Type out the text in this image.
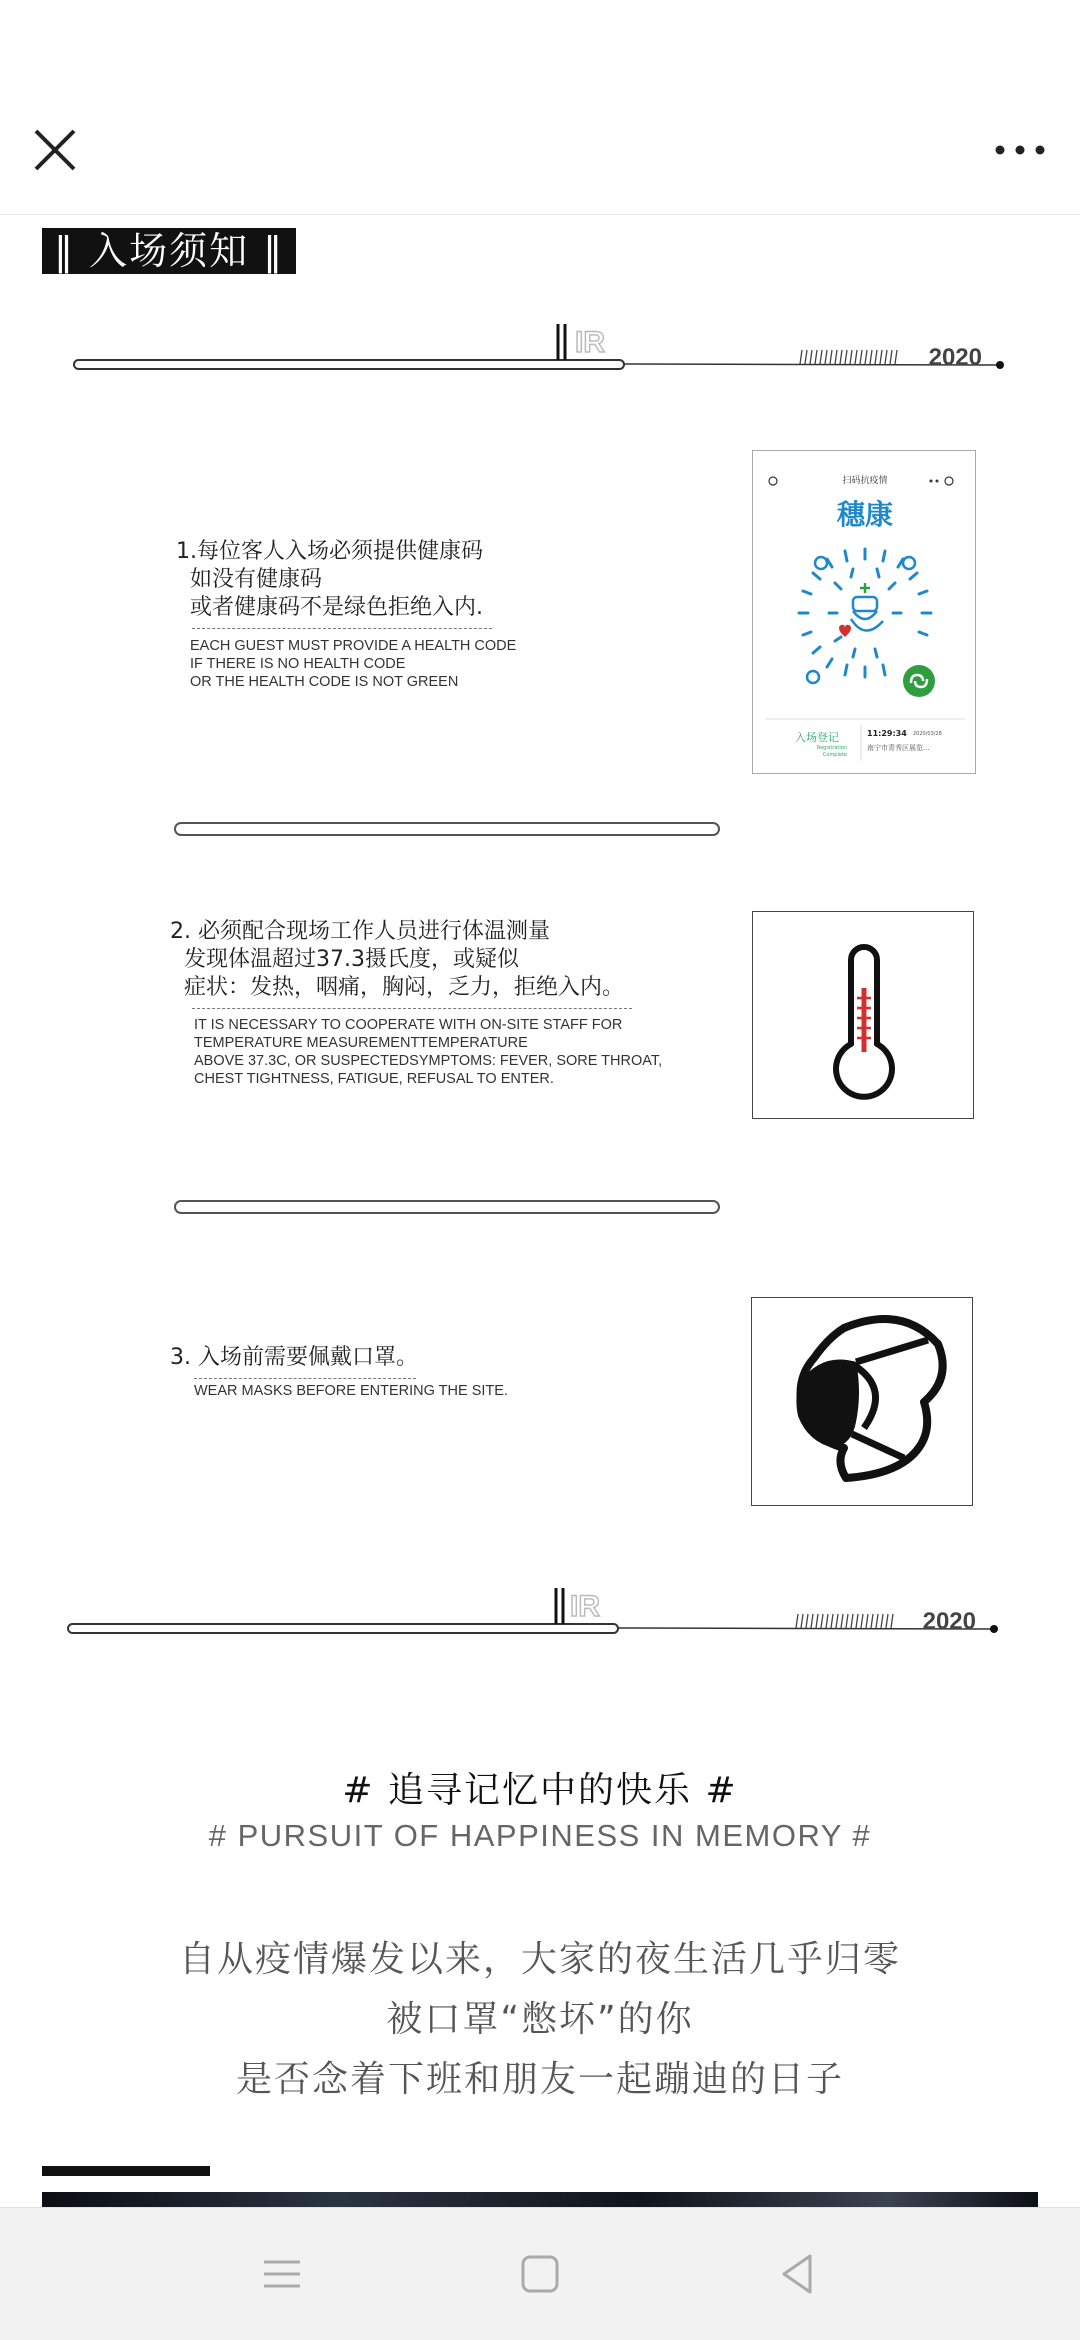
‖ 入场须知 ‖
IR	2020
1.每位客人入场必须提供健康码
如没有健康码
或者健康码不是绿色拒绝入内.
EACH GUEST MUST PROVIDE A HEALTH CODE
IF THERE IS NO HEALTH CODE
OR THE HEALTH CODE IS NOT GREEN
扫码抗疫情
穗康
入场登记
Registration Complete
11:29:34 2020/03/28
南宁市青秀区展览...
2. 必须配合现场工作人员进行体温测量
发现体温超过37.3摄氏度，或疑似
症状：发热，咽痛，胸闷，乏力，拒绝入内。
IT IS NECESSARY TO COOPERATE WITH ON-SITE STAFF FOR
TEMPERATURE MEASUREMENTTEMPERATURE
ABOVE 37.3C, OR SUSPECTEDSYMPTOMS: FEVER, SORE THROAT,
CHEST TIGHTNESS, FATIGUE, REFUSAL TO ENTER.
3. 入场前需要佩戴口罩。
WEAR MASKS BEFORE ENTERING THE SITE.
IR	2020
# 追寻记忆中的快乐 #
# PURSUIT OF HAPPINESS IN MEMORY #
自从疫情爆发以来，大家的夜生活几乎归零
被口罩“憋坏”的你
是否念着下班和朋友一起蹦迪的日子
